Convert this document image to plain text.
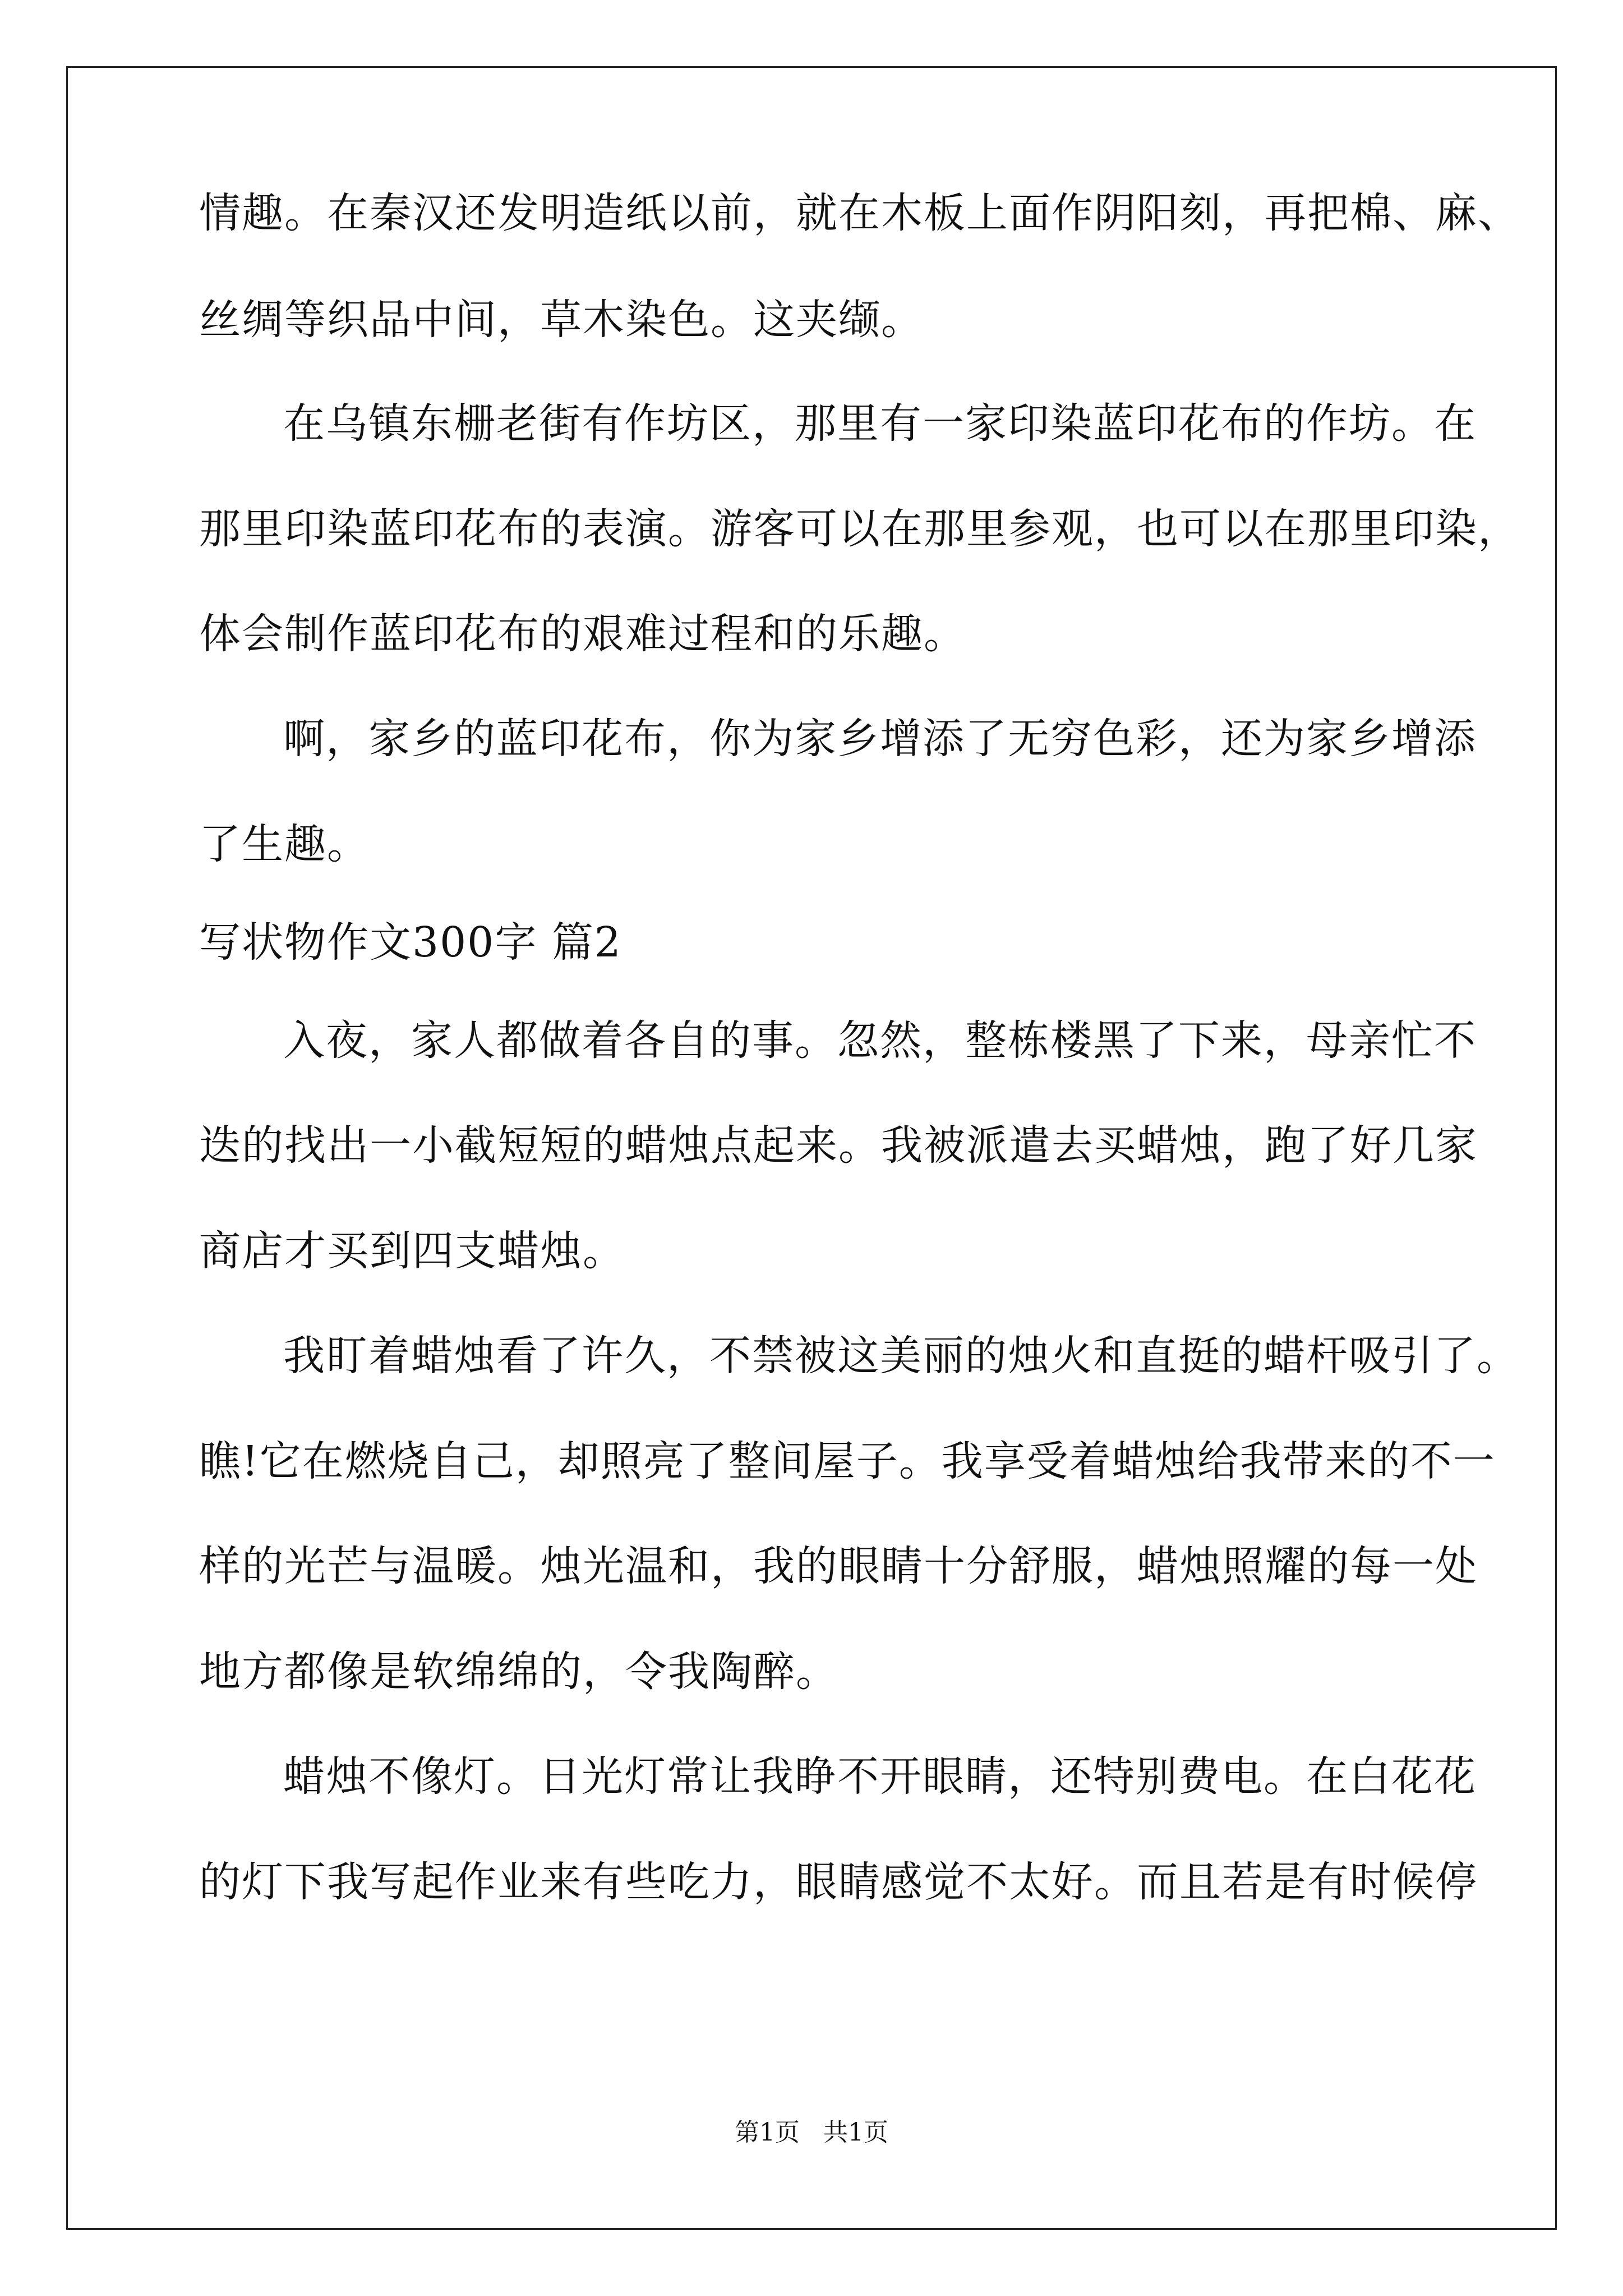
情趣。在秦汉还发明造纸以前，就在木板上面作阴阳刻，再把棉、麻、
丝绸等织品中间，草木染色。这夹缬。
在乌镇东栅老街有作坊区，那里有一家印染蓝印花布的作坊。在
那里印染蓝印花布的表演。游客可以在那里参观，也可以在那里印染，
体会制作蓝印花布的艰难过程和的乐趣。
啊，家乡的蓝印花布，你为家乡增添了无穷色彩，还为家乡增添
了生趣。
写状物作文300字 篇2
入夜，家人都做着各自的事。忽然，整栋楼黑了下来，母亲忙不
迭的找出一小截短短的蜡烛点起来。我被派遣去买蜡烛，跑了好几家
商店才买到四支蜡烛。
我盯着蜡烛看了许久，不禁被这美丽的烛火和直挺的蜡杆吸引了。
瞧!它在燃烧自己，却照亮了整间屋子。我享受着蜡烛给我带来的不一
样的光芒与温暖。烛光温和，我的眼睛十分舒服，蜡烛照耀的每一处
地方都像是软绵绵的，令我陶醉。
蜡烛不像灯。日光灯常让我睁不开眼睛，还特别费电。在白花花
的灯下我写起作业来有些吃力，眼睛感觉不太好。而且若是有时候停
第1页 共1页
